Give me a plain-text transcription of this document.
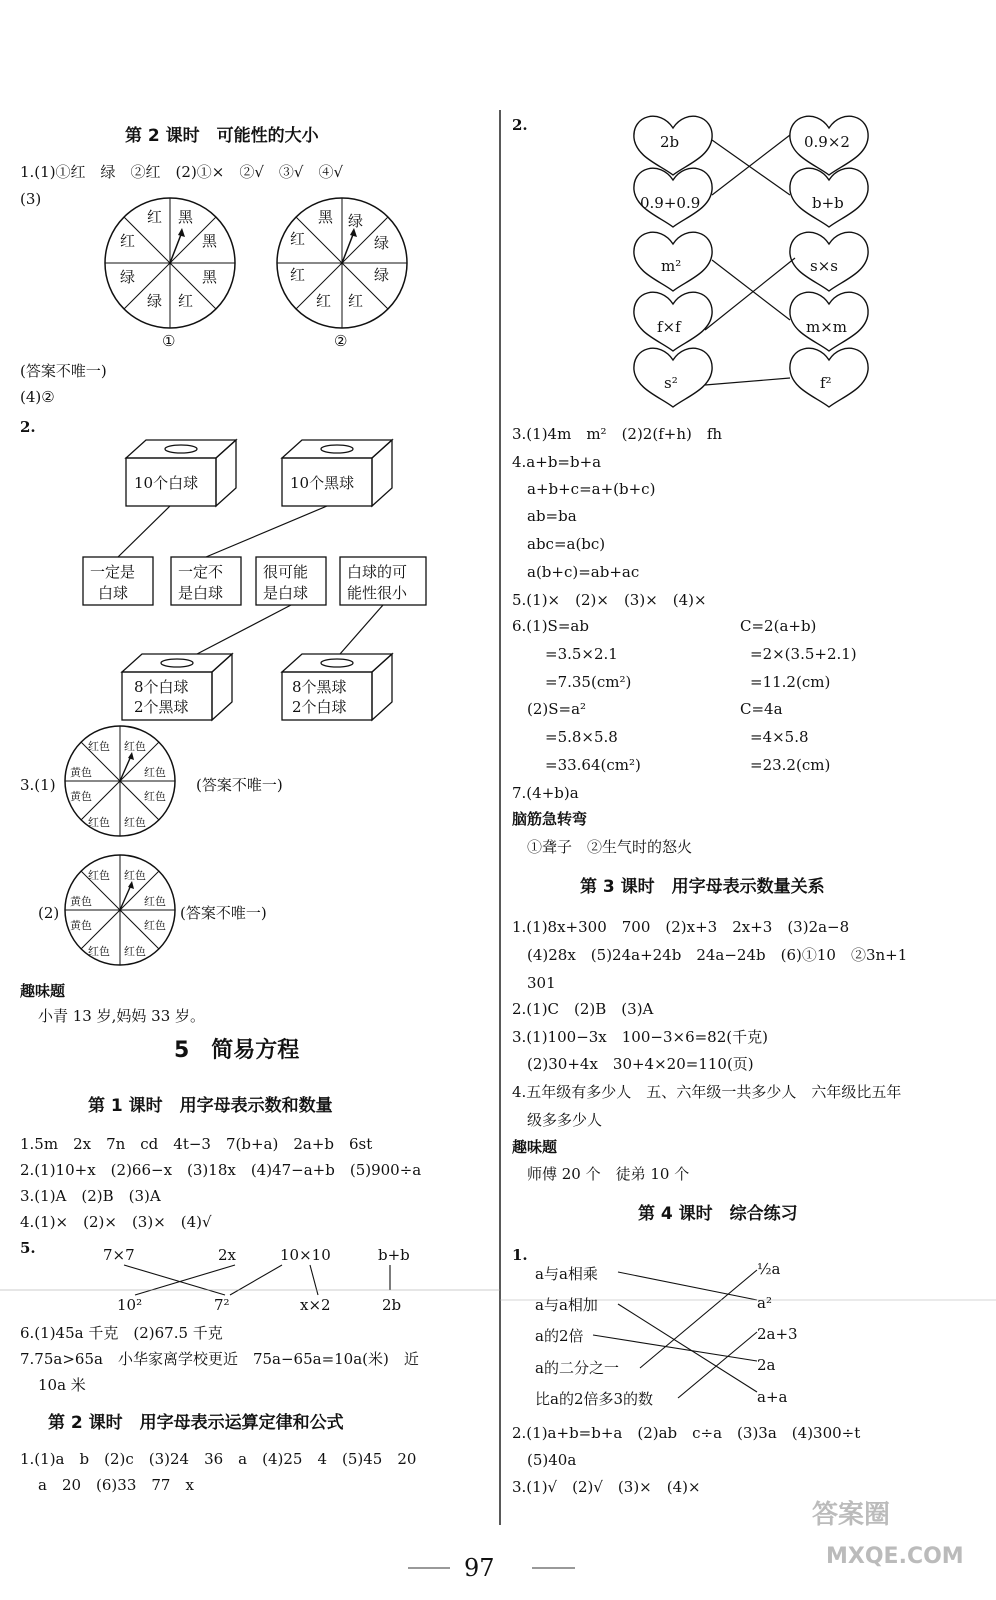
第 2 课时　可能性的大小
1.(1)①红　绿　②红　(2)①×　②√　③√　④√
(3)
红
红
黑
黑
黑
绿
绿 红
①
黑 绿
绿
绿
红
红
红 红
②
(答案不唯一)
(4)②
2.
10个白球	10个黑球
一定是
白球
一定不
是白球
很可能
是白球
白球的可
能性很小
8个白球
2个黑球
8个黑球
2个白球
3.(1)
红色 红色
红色
红色
红色
黄色
黄色
红色
(答案不唯一)
(2)
红色 红色
红色
红色
红色
红色
黄色
黄色
(答案不唯一)
趣味题
小青 13 岁,妈妈 33 岁。
5　简易方程
第 1 课时　用字母表示数和数量
1.5m　2x　7n　cd　4t−3　7(b+a)　2a+b　6st
2.(1)10+x　(2)66−x　(3)18x　(4)47−a+b　(5)900÷a
3.(1)A　(2)B　(3)A
4.(1)×　(2)×　(3)×　(4)√
5.	7×7	2x	10×10	b+b
10²	7²	x×2	2b
6.(1)45a 千克　(2)67.5 千克
7.75a>65a　小华家离学校更近　75a−65a=10a(米)　近
10a 米
第 2 课时　用字母表示运算定律和公式
1.(1)a　b　(2)c　(3)24　36　a　(4)25　4　(5)45　20
a　20　(6)33　77　x
2.
2b
0.9+0.9
m²
f×f
s²
0.9×2
b+b
s×s
m×m
f²
3.(1)4m　m²　(2)2(f+h)　fh
4.a+b=b+a
a+b+c=a+(b+c)
ab=ba
abc=a(bc)
a(b+c)=ab+ac
5.(1)×　(2)×　(3)×　(4)×
6.(1)S=ab	C=2(a+b)
=3.5×2.1	=2×(3.5+2.1)
=7.35(cm²)	=11.2(cm)
(2)S=a²	C=4a
=5.8×5.8	=4×5.8
=33.64(cm²)	=23.2(cm)
7.(4+b)a
脑筋急转弯
①聋子　②生气时的怒火
第 3 课时　用字母表示数量关系
1.(1)8x+300　700　(2)x+3　2x+3　(3)2a−8
(4)28x　(5)24a+24b　24a−24b　(6)①10　②3n+1
301
2.(1)C　(2)B　(3)A
3.(1)100−3x　100−3×6=82(千克)
(2)30+4x　30+4×20=110(页)
4.五年级有多少人　五、六年级一共多少人　六年级比五年
级多多少人
趣味题
师傅 20 个　徒弟 10 个
第 4 课时　综合练习
1.
a与a相乘
a与a相加
a的2倍
a的二分之一
比a的2倍多3的数
½a
a²
2a+3
2a
a+a
2.(1)a+b=b+a　(2)ab　c÷a　(3)3a　(4)300÷t
(5)40a
3.(1)√　(2)√　(3)×　(4)×
97
答案圈
MXQE.COM
